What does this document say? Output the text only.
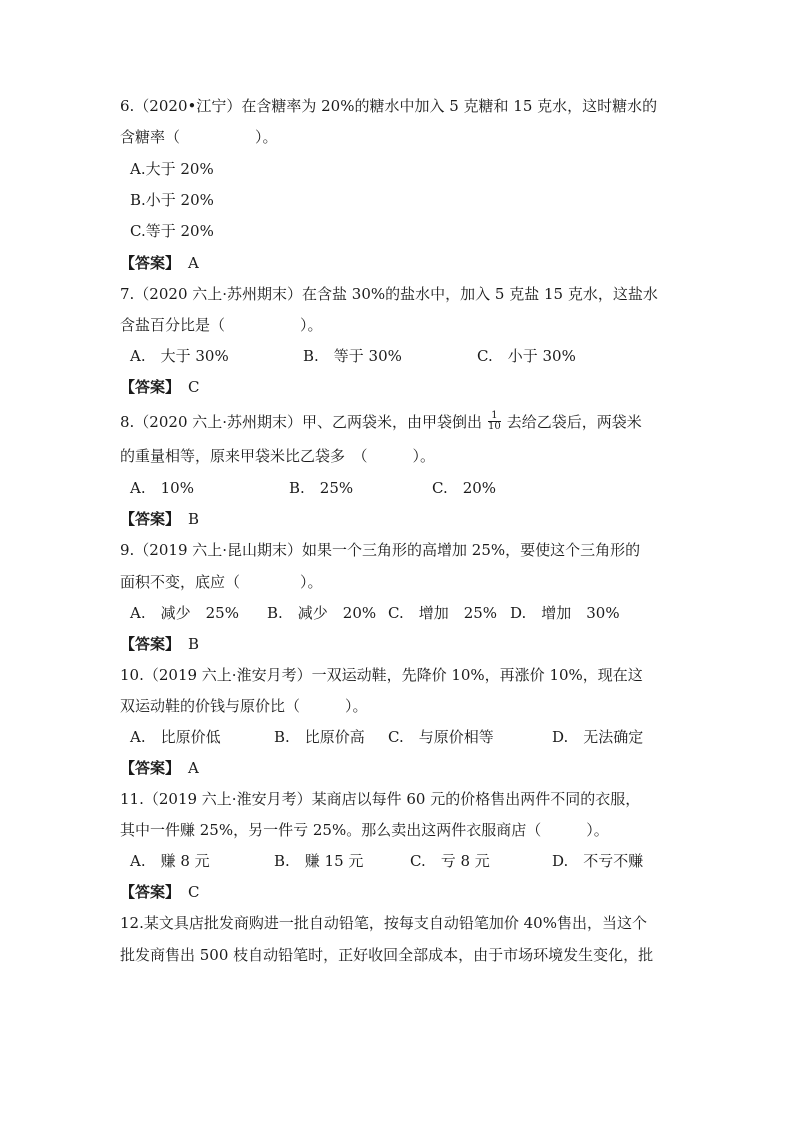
6.（2020•江宁）在含糖率为 20%的糖水中加入 5 克糖和 15 克水，这时糖水的
含糖率（　　　　　）。
A.大于 20%
B.小于 20%
C.等于 20%
【答案】 A
7.（2020 六上·苏州期末）在含盐 30%的盐水中，加入 5 克盐 15 克水，这盐水
含盐百分比是（　　　　　）。
A.　大于 30%	B.　等于 30%	C.　小于 30%
【答案】 C
8.（2020 六上·苏州期末）甲、乙两袋米，由甲袋倒出 $\frac{1}{10}$ 去给乙袋后，两袋米
的重量相等，原来甲袋米比乙袋多　（　　　）。
A.　10%	B.　25%	C.　20%
【答案】 B
9.（2019 六上·昆山期末）如果一个三角形的高增加 25%，要使这个三角形的
面积不变，底应（　　　　）。
A.　减少　25% B.　减少　20% C.　增加　25% D.　增加　30%
【答案】 B
10.（2019 六上·淮安月考）一双运动鞋，先降价 10%，再涨价 10%，现在这
双运动鞋的价钱与原价比（　　　）。
A.　比原价低	B.　比原价高 C.　与原价相等	D.　无法确定
【答案】 A
11.（2019 六上·淮安月考）某商店以每件 60 元的价格售出两件不同的衣服，
其中一件赚 25%，另一件亏 25%。那么卖出这两件衣服商店（　　　）。
A.　赚 8 元	B.　赚 15 元	C.　亏 8 元	D.　不亏不赚
【答案】 C
12.某文具店批发商购进一批自动铅笔，按每支自动铅笔加价 40%售出，当这个
批发商售出 500 枝自动铅笔时，正好收回全部成本，由于市场环境发生变化，批
